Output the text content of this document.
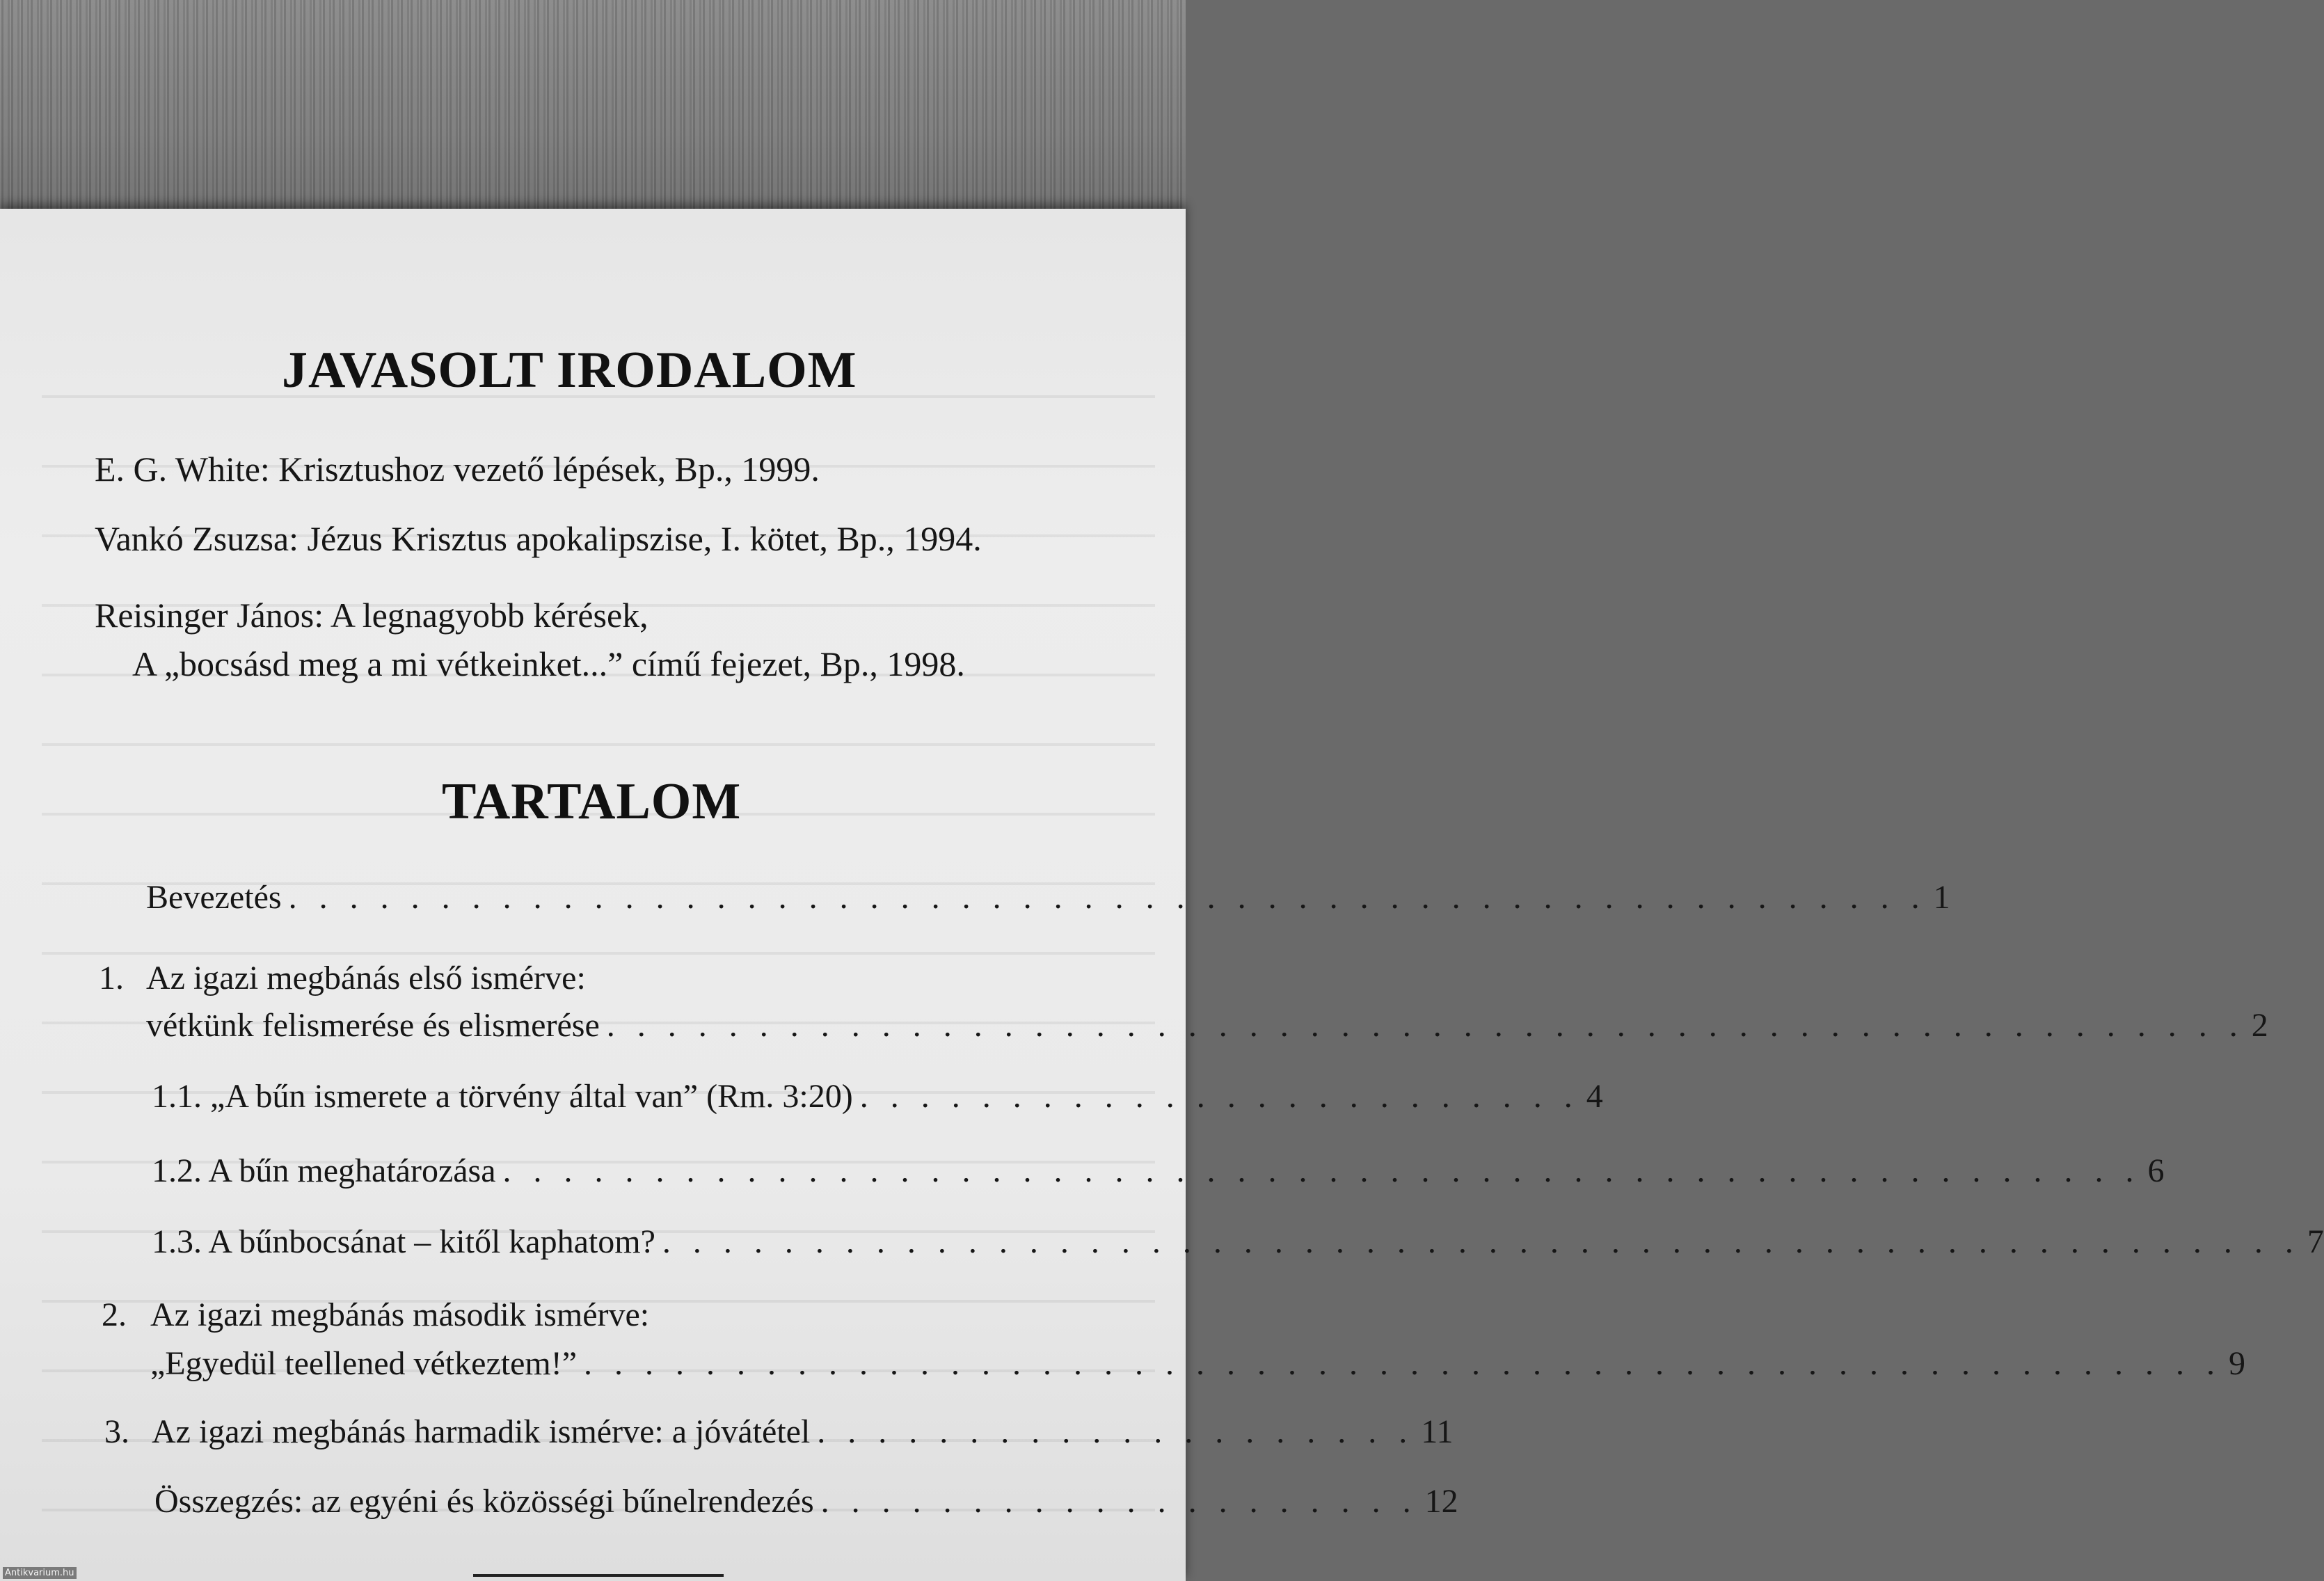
JAVASOLT IRODALOM
E. G. White: Krisztushoz vezető lépések, Bp., 1999.
Vankó Zsuzsa: Jézus Krisztus apokalipszise, I. kötet, Bp., 1994.
Reisinger János: A legnagyobb kérések,
A „bocsásd meg a mi vétkeinket...” című fejezet, Bp., 1998.
TARTALOM
Bevezetés . . . . . . . . . . . . . . . . . . . . . . . . . . . . . . . . . . . . . . . . . . . . . . . . . . . . . . 1
1. Az igazi megbánás első ismérve:
vétkünk felismerése és elismerése . . . . . . . . . . . . . . . . . . . . . . . . . . . . . . . . . . . . . . . . . . . . . . . . . . . . . . 2
1.1. „A bűn ismerete a törvény által van” (Rm. 3:20) . . . . . . . . . . . . . . . . . . . . . . . . 4
1.2. A bűn meghatározása . . . . . . . . . . . . . . . . . . . . . . . . . . . . . . . . . . . . . . . . . . . . . . . . . . . . . . 6
1.3. A bűnbocsánat – kitől kaphatom? . . . . . . . . . . . . . . . . . . . . . . . . . . . . . . . . . . . . . . . . . . . . . . . . . . . . . . 7
2. Az igazi megbánás második ismérve:
„Egyedül teellened vétkeztem!” . . . . . . . . . . . . . . . . . . . . . . . . . . . . . . . . . . . . . . . . . . . . . . . . . . . . . . 9
3. Az igazi megbánás harmadik ismérve: a jóvátétel . . . . . . . . . . . . . . . . . . . . 11
Összegzés: az egyéni és közösségi bűnelrendezés . . . . . . . . . . . . . . . . . . . . 12
Antikvarium.hu
